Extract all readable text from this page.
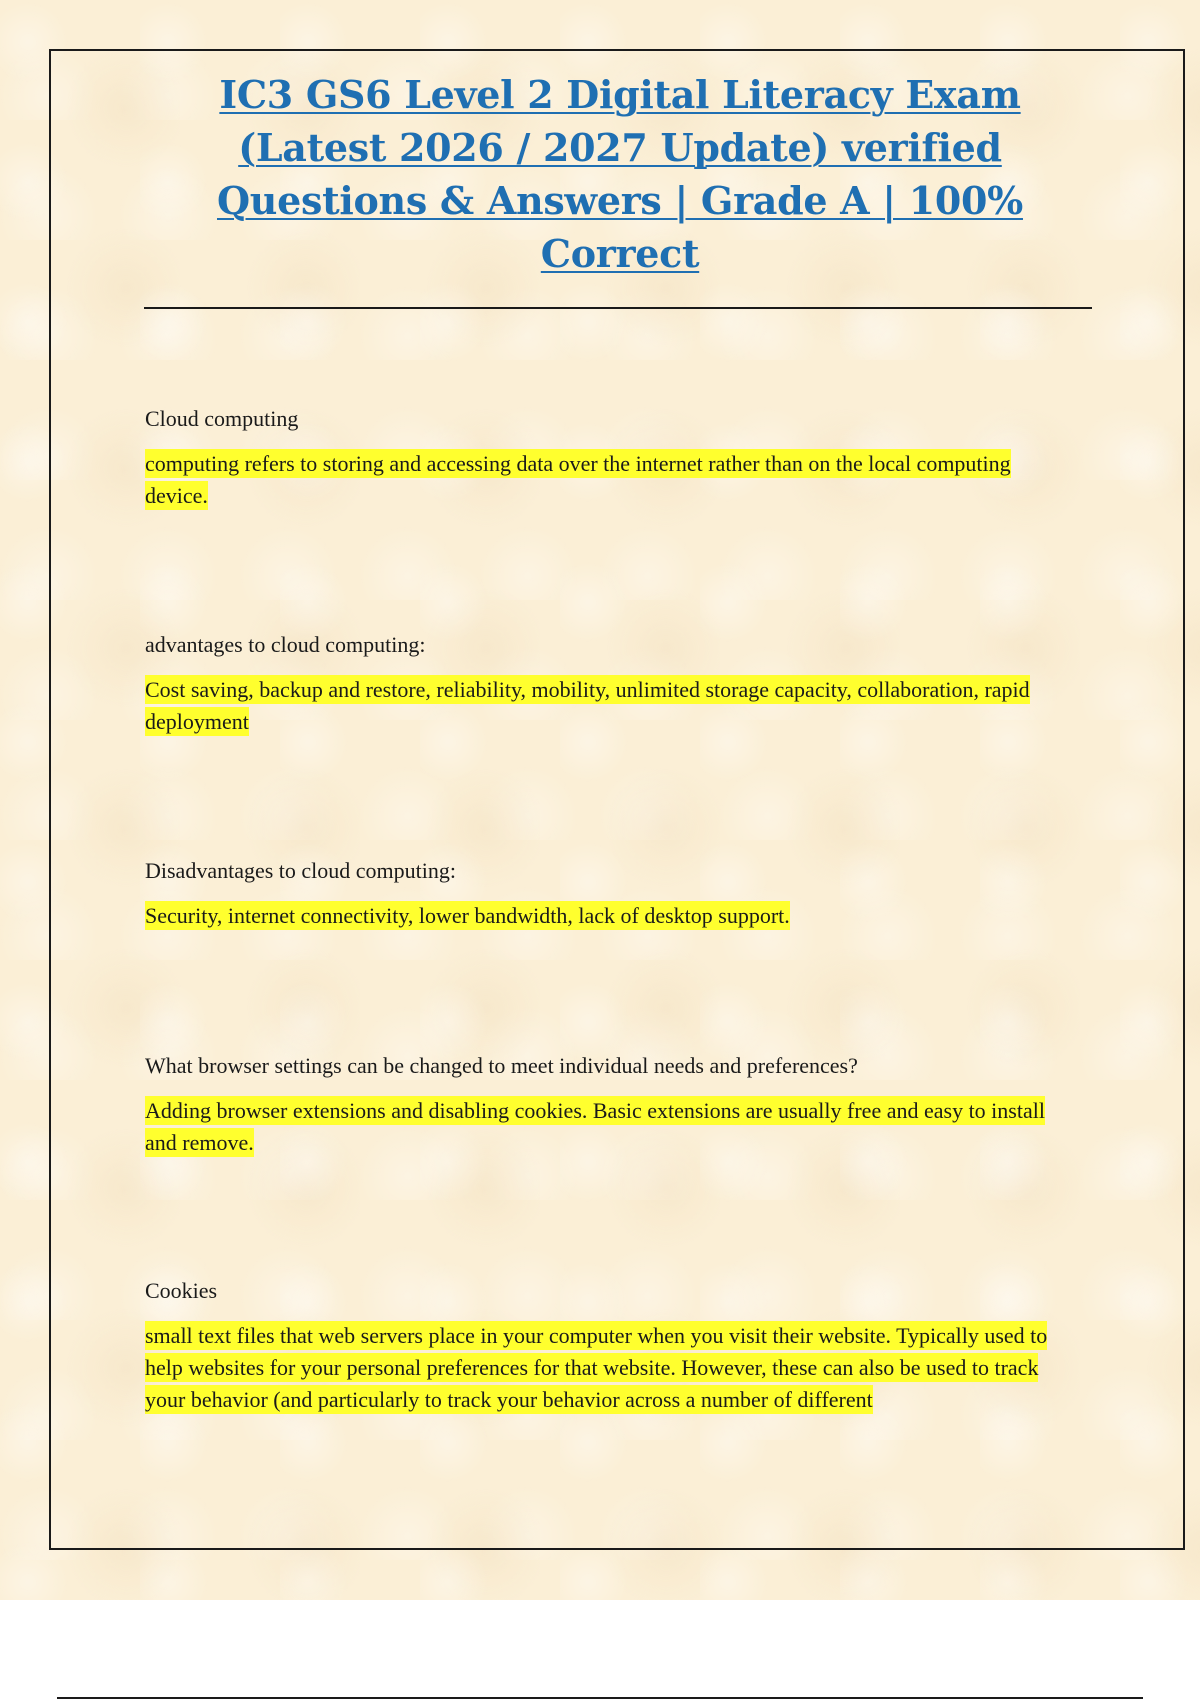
IC3 GS6 Level 2 Digital Literacy Exam (Latest 2026 / 2027 Update) verified Questions & Answers | Grade A | 100% Correct

Cloud computing

computing refers to storing and accessing data over the internet rather than on the local computing device.

advantages to cloud computing:

Cost saving, backup and restore, reliability, mobility, unlimited storage capacity, collaboration, rapid deployment

Disadvantages to cloud computing:

Security, internet connectivity, lower bandwidth, lack of desktop support.

What browser settings can be changed to meet individual needs and preferences?

Adding browser extensions and disabling cookies. Basic extensions are usually free and easy to install and remove.

Cookies

small text files that web servers place in your computer when you visit their website. Typically used to help websites for your personal preferences for that website. However, these can also be used to track your behavior (and particularly to track your behavior across a number of different
